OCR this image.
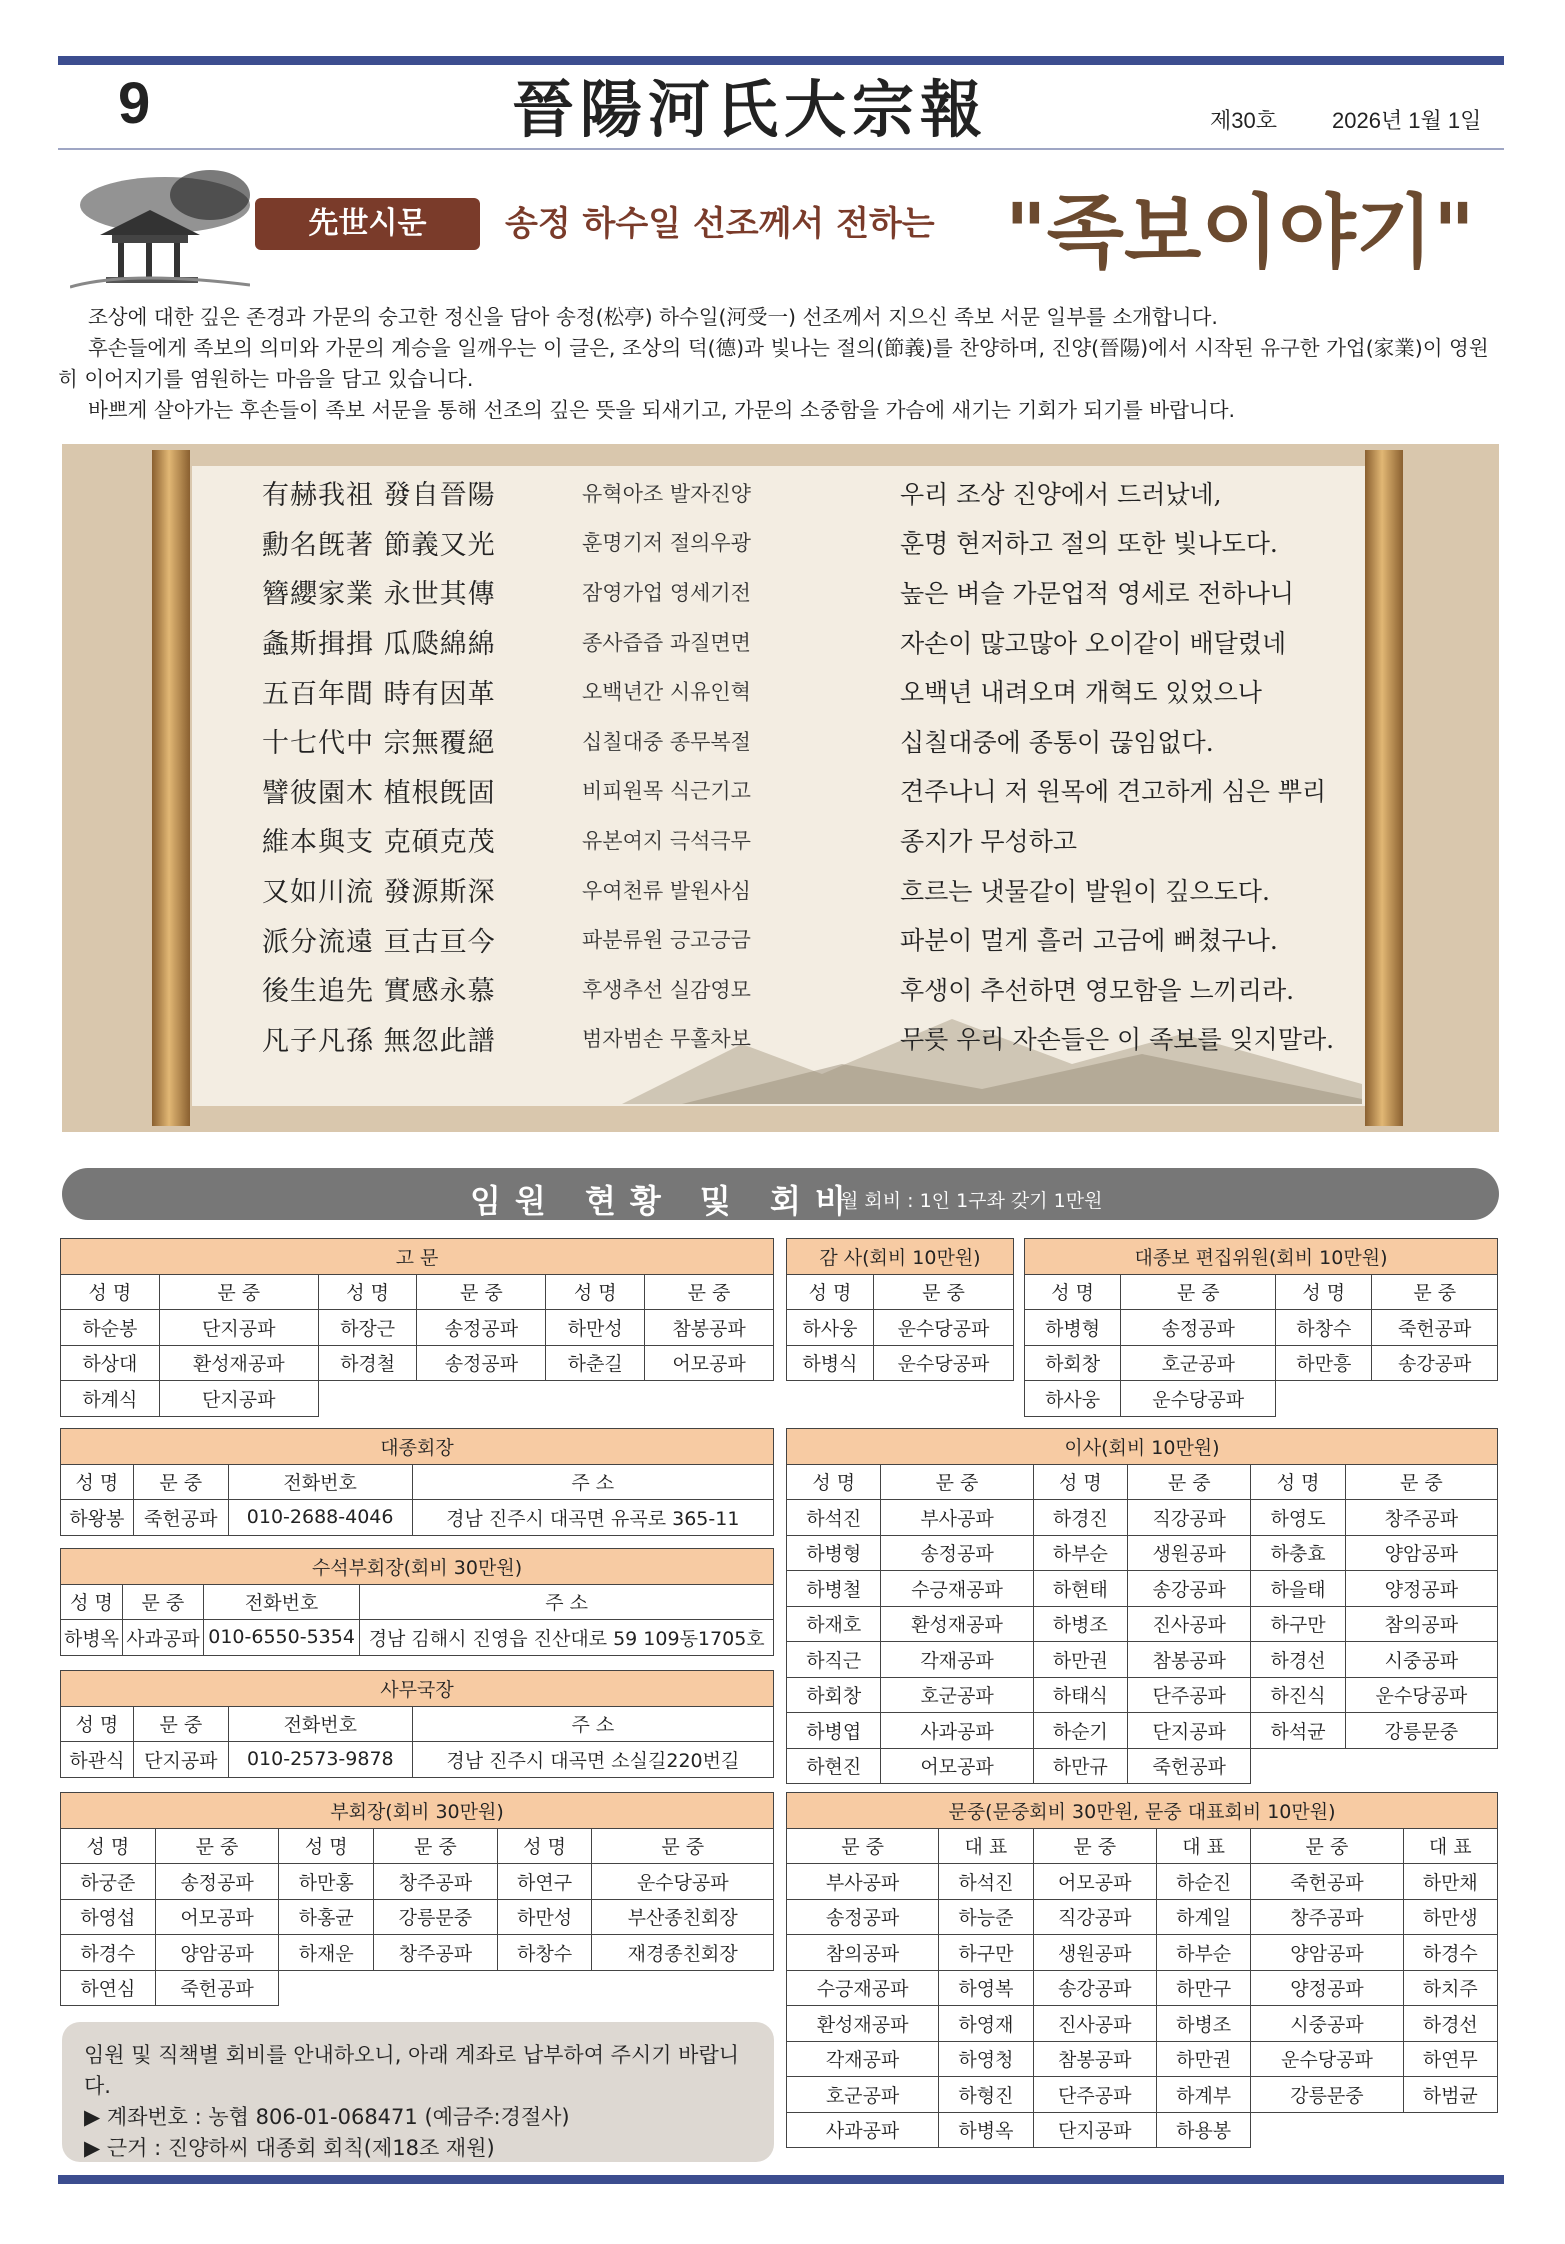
9	晉陽河氏大宗報	제30호	2026년 1월 1일
先世시문	송정 하수일 선조께서 전하는 "족보이야기"

조상에 대한 깊은 존경과 가문의 숭고한 정신을 담아 송정(松亭) 하수일(河受一) 선조께서 지으신 족보 서문 일부를 소개합니다.

후손들에게 족보의 의미와 가문의 계승을 일깨우는 이 글은, 조상의 덕(德)과 빛나는 절의(節義)를 찬양하며, 진양(晉陽)에서 시작된 유구한 가업(家業)이 영원히 이어지기를 염원하는 마음을 담고 있습니다.

바쁘게 살아가는 후손들이 족보 서문을 통해 선조의 깊은 뜻을 되새기고, 가문의 소중함을 가슴에 새기는 기회가 되기를 바랍니다.

有赫我祖 發自晉陽	유혁아조 발자진양	우리 조상 진양에서 드러났네,
勳名旣著 節義又光	훈명기저 절의우광	훈명 현저하고 절의 또한 빛나도다.
簪纓家業 永世其傳	잠영가업 영세기전	높은 벼슬 가문업적 영세로 전하나니
螽斯揖揖 瓜瓞綿綿	종사즙즙 과질면면	자손이 많고많아 오이같이 배달렸네
五百年間 時有因革	오백년간 시유인혁	오백년 내려오며 개혁도 있었으나
十七代中 宗無覆絕	십칠대중 종무복절	십칠대중에 종통이 끊임없다.
譬彼園木 植根旣固	비피원목 식근기고	견주나니 저 원목에 견고하게 심은 뿌리
維本與支 克碩克茂	유본여지 극석극무	종지가 무성하고
又如川流 發源斯深	우여천류 발원사심	흐르는 냇물같이 발원이 깊으도다.
派分流遠 亘古亘今	파분류원 긍고긍금	파분이 멀게 흘러 고금에 뻐쳤구나.
後生追先 實感永慕	후생추선 실감영모	후생이 추선하면 영모함을 느끼리라.
凡子凡孫 無忽此譜	범자범손 무홀차보	무릇 우리 자손들은 이 족보를 잊지말라.
임원 현황 및 회비
월 회비 : 1인 1구좌 갖기 1만원
고 문					
성 명	문 중	성 명	문 중	성 명	문 중
하순봉	단지공파	하장근	송정공파	하만성	참봉공파
하상대	환성재공파	하경철	송정공파	하춘길	어모공파
하계식	단지공파				
감 사(회비 10만원)	
성 명	문 중
하사웅	운수당공파
하병식	운수당공파
대종보 편집위원(회비 10만원)			
성 명	문 중	성 명	문 중
하병형	송정공파	하창수	죽헌공파
하회창	호군공파	하만흥	송강공파
하사웅	운수당공파		
대종회장			
성 명	문 중	전화번호	주 소
하왕봉	죽헌공파	010-2688-4046	경남 진주시 대곡면 유곡로 365-11
수석부회장(회비 30만원)			
성 명	문 중	전화번호	주 소
하병옥	사과공파	010-6550-5354	경남 김해시 진영읍 진산대로 59 109동1705호
사무국장			
성 명	문 중	전화번호	주 소
하관식	단지공파	010-2573-9878	경남 진주시 대곡면 소실길220번길
부회장(회비 30만원)					
성 명	문 중	성 명	문 중	성 명	문 중
하궁준	송정공파	하만홍	창주공파	하연구	운수당공파
하영섭	어모공파	하홍균	강릉문중	하만성	부산종친회장
하경수	양암공파	하재운	창주공파	하창수	재경종친회장
하연심	죽헌공파				
이사(회비 10만원)					
성 명	문 중	성 명	문 중	성 명	문 중
하석진	부사공파	하경진	직강공파	하영도	창주공파
하병형	송정공파	하부순	생원공파	하충효	양암공파
하병철	수긍재공파	하현태	송강공파	하을태	양정공파
하재호	환성재공파	하병조	진사공파	하구만	참의공파
하직근	각재공파	하만권	참봉공파	하경선	시중공파
하회창	호군공파	하태식	단주공파	하진식	운수당공파
하병엽	사과공파	하순기	단지공파	하석균	강릉문중
하현진	어모공파	하만규	죽헌공파		
문중(문중회비 30만원, 문중 대표회비 10만원)					
문 중	대 표	문 중	대 표	문 중	대 표
부사공파	하석진	어모공파	하순진	죽헌공파	하만채
송정공파	하능준	직강공파	하계일	창주공파	하만생
참의공파	하구만	생원공파	하부순	양암공파	하경수
수긍재공파	하영복	송강공파	하만구	양정공파	하치주
환성재공파	하영재	진사공파	하병조	시중공파	하경선
각재공파	하영청	참봉공파	하만권	운수당공파	하연무
호군공파	하형진	단주공파	하계부	강릉문중	하범균
사과공파	하병옥	단지공파	하용봉		
임원 및 직책별 회비를 안내하오니, 아래 계좌로 납부하여 주시기 바랍니다.
▶ 계좌번호 : 농협 806-01-068471 (예금주:경절사)
▶ 근거 : 진양하씨 대종회 회칙(제18조 재원)
